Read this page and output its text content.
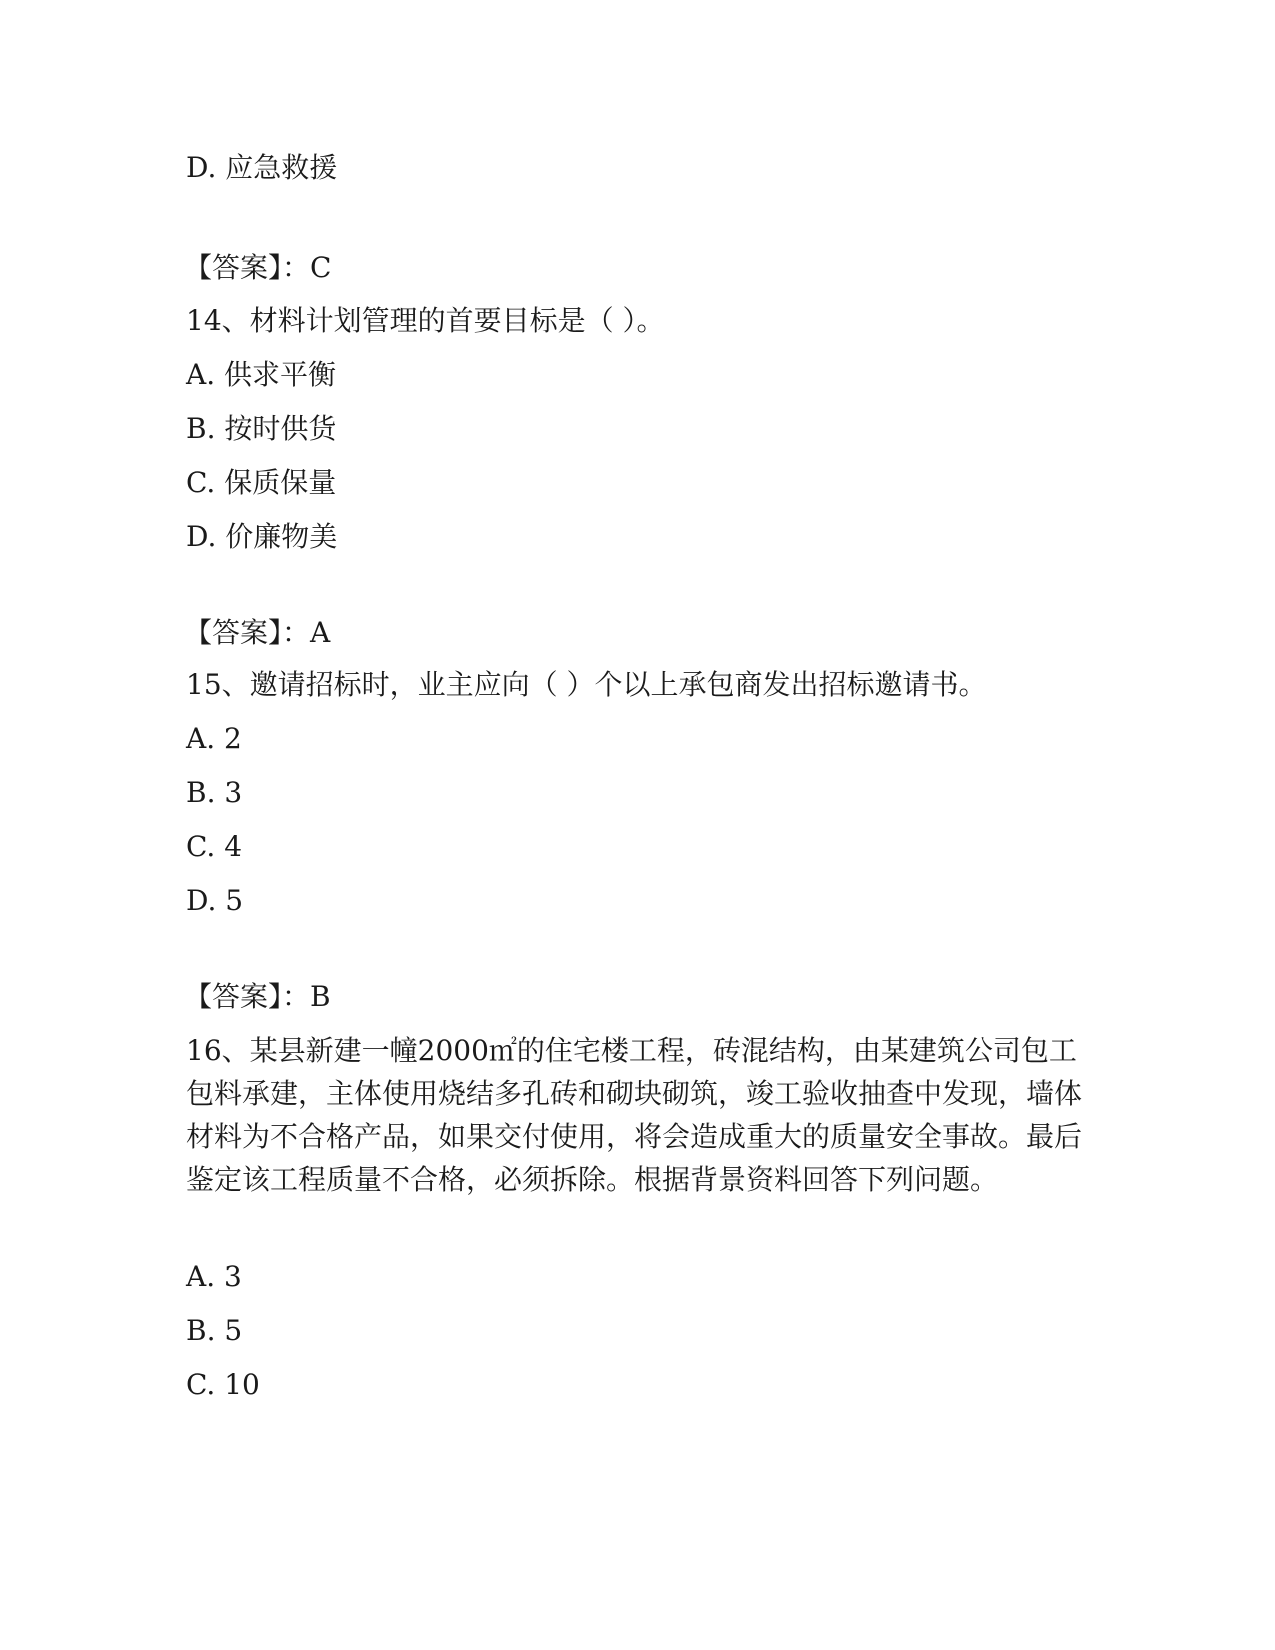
D. 应急救援
【答案】：C
14、材料计划管理的首要目标是（ ）。
A. 供求平衡
B. 按时供货
C. 保质保量
D. 价廉物美
【答案】：A
15、邀请招标时，业主应向（ ）个以上承包商发出招标邀请书。
A. 2
B. 3
C. 4
D. 5
【答案】：B
16、某县新建一幢2000㎡的住宅楼工程，砖混结构，由某建筑公司包工包料承建，主体使用烧结多孔砖和砌块砌筑，竣工验收抽查中发现，墙体材料为不合格产品，如果交付使用，将会造成重大的质量安全事故。最后鉴定该工程质量不合格，必须拆除。根据背景资料回答下列问题。
A. 3
B. 5
C. 10
